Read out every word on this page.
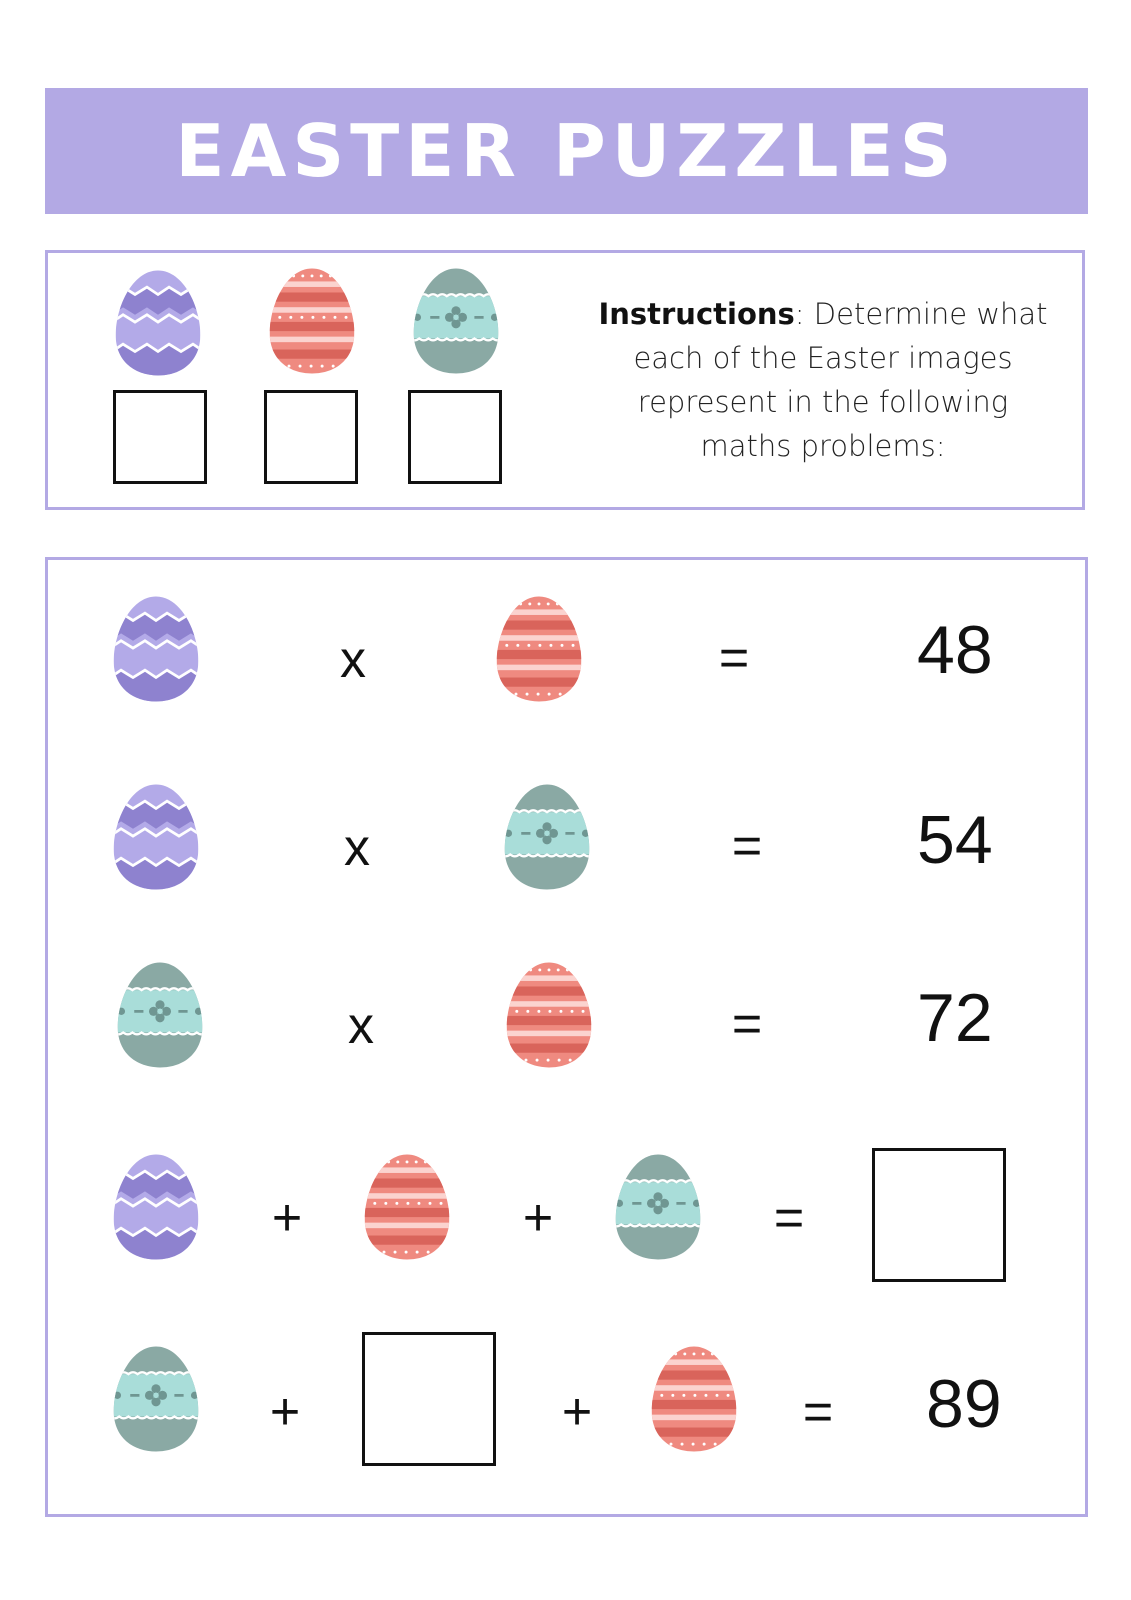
EASTER PUZZLES
Instructions: Determine what each of the Easter images represent in the following maths problems:
x	= 48
x	= 54
x	= 72
+	+	=
+	+	= 89
